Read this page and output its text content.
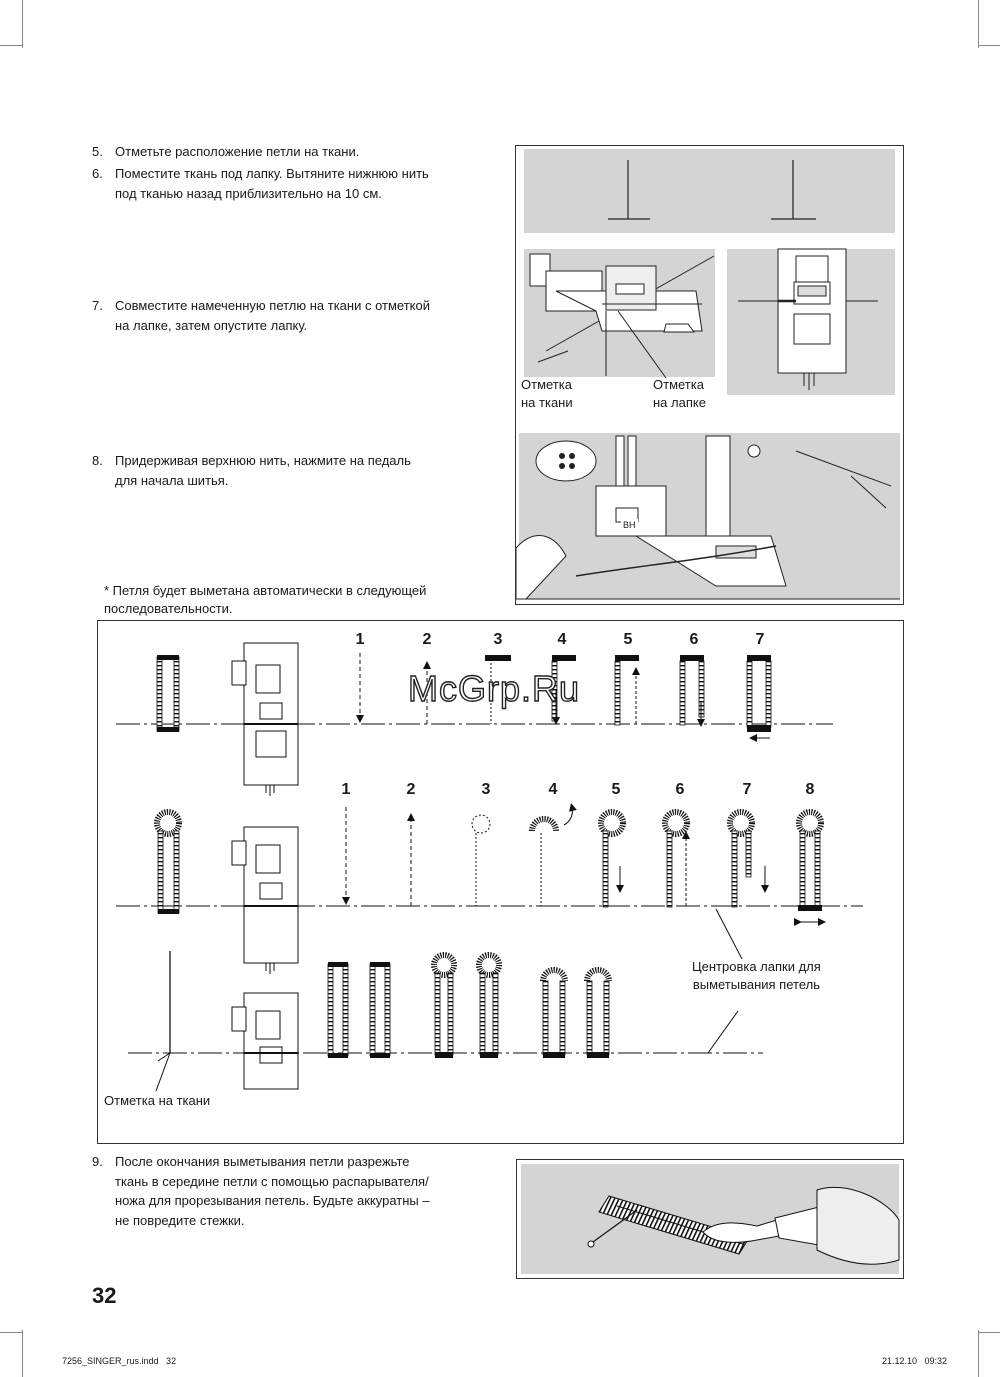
5. Отметьте расположение петли на ткани.
6. Поместите ткань под лапку. Вытяните нижнюю нить
под тканью назад приблизительно на 10 см.
7. Совместите намеченную петлю на ткани с отметкой
на лапке, затем опустите лапку.
8. Придерживая верхнюю нить, нажмите на педаль
для начала шитья.
* Петля будет выметана автоматически в следующей
последовательности.
9. После окончания выметывания петли разрежьте
ткань в середине петли с помощью распарывателя/
ножа для прорезывания петель. Будьте аккуратны –
не повредите стежки.
Отметка
на ткани
Отметка
на лапке
ВН
1	2	3	4	5	6	7
1	2	3	4	5	6	7	8
Центровка лапки для
выметывания петель
Отметка на ткани
McGrp.Ru
32
7256_SINGER_rus.indd   32	21.12.10   09:32
